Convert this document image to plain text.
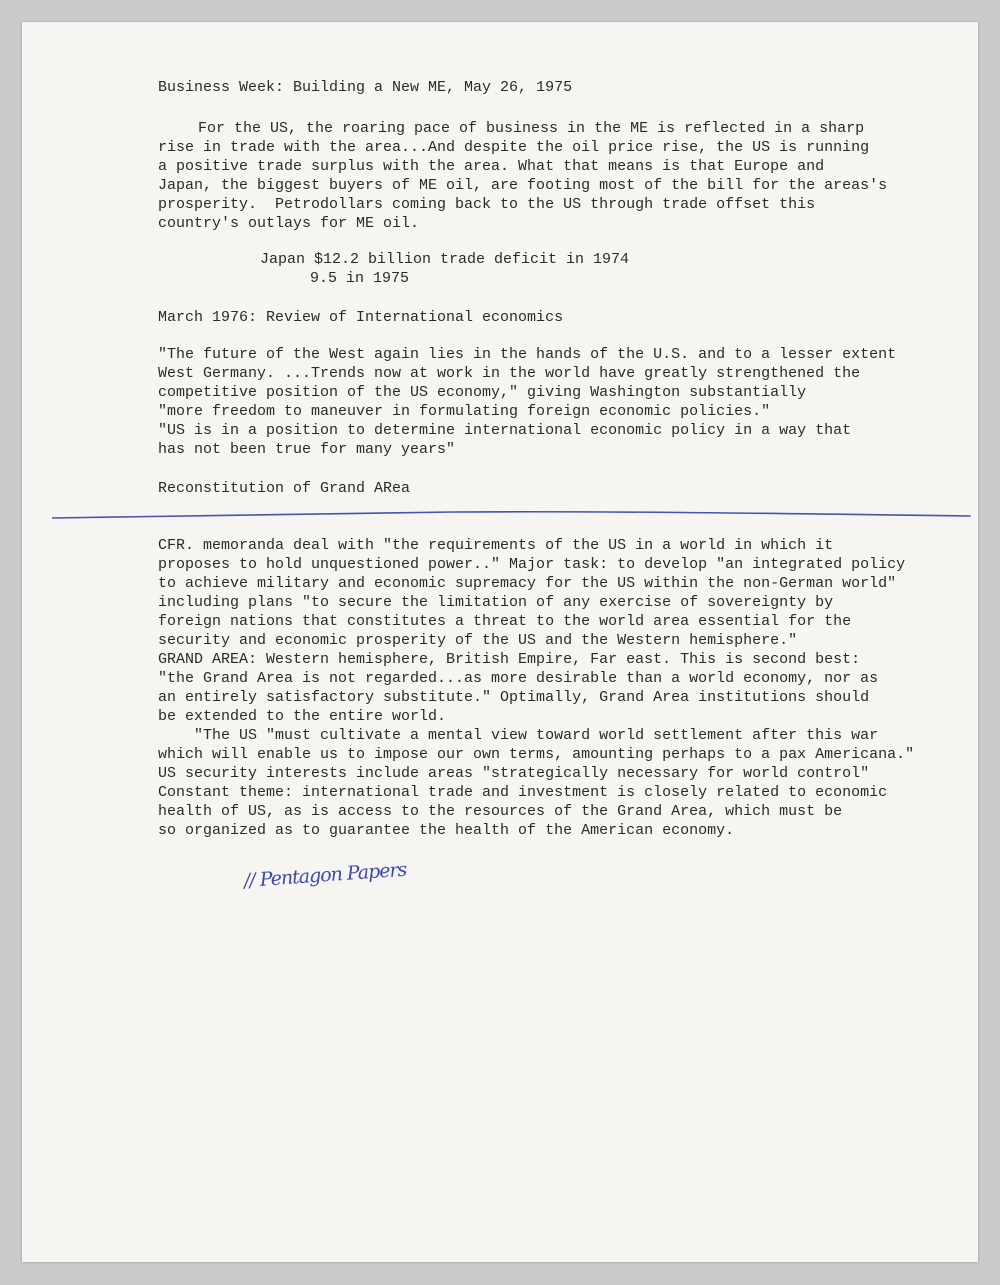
Business Week: Building a New ME, May 26, 1975
For the US, the roaring pace of business in the ME is reflected in a sharp
rise in trade with the area...And despite the oil price rise, the US is running
a positive trade surplus with the area. What that means is that Europe and
Japan, the biggest buyers of ME oil, are footing most of the bill for the areas's
prosperity.  Petrodollars coming back to the US through trade offset this
country's outlays for ME oil.
Japan $12.2 billion trade deficit in 1974
9.5 in 1975
March 1976: Review of International economics
"The future of the West again lies in the hands of the U.S. and to a lesser extent
West Germany. ...Trends now at work in the world have greatly strengthened the
competitive position of the US economy," giving Washington substantially
"more freedom to maneuver in formulating foreign economic policies."
"US is in a position to determine international economic policy in a way that
has not been true for many years"
Reconstitution of Grand ARea
CFR. memoranda deal with "the requirements of the US in a world in which it
proposes to hold unquestioned power.." Major task: to develop "an integrated policy
to achieve military and economic supremacy for the US within the non-German world"
including plans "to secure the limitation of any exercise of sovereignty by
foreign nations that constitutes a threat to the world area essential for the
security and economic prosperity of the US and the Western hemisphere."
GRAND AREA: Western hemisphere, British Empire, Far east. This is second best:
"the Grand Area is not regarded...as more desirable than a world economy, nor as
an entirely satisfactory substitute." Optimally, Grand Area institutions should
be extended to the entire world.
"The US "must cultivate a mental view toward world settlement after this war
which will enable us to impose our own terms, amounting perhaps to a pax Americana."
US security interests include areas "strategically necessary for world control"
Constant theme: international trade and investment is closely related to economic
health of US, as is access to the resources of the Grand Area, which must be
so organized as to guarantee the health of the American economy.
// Pentagon Papers
